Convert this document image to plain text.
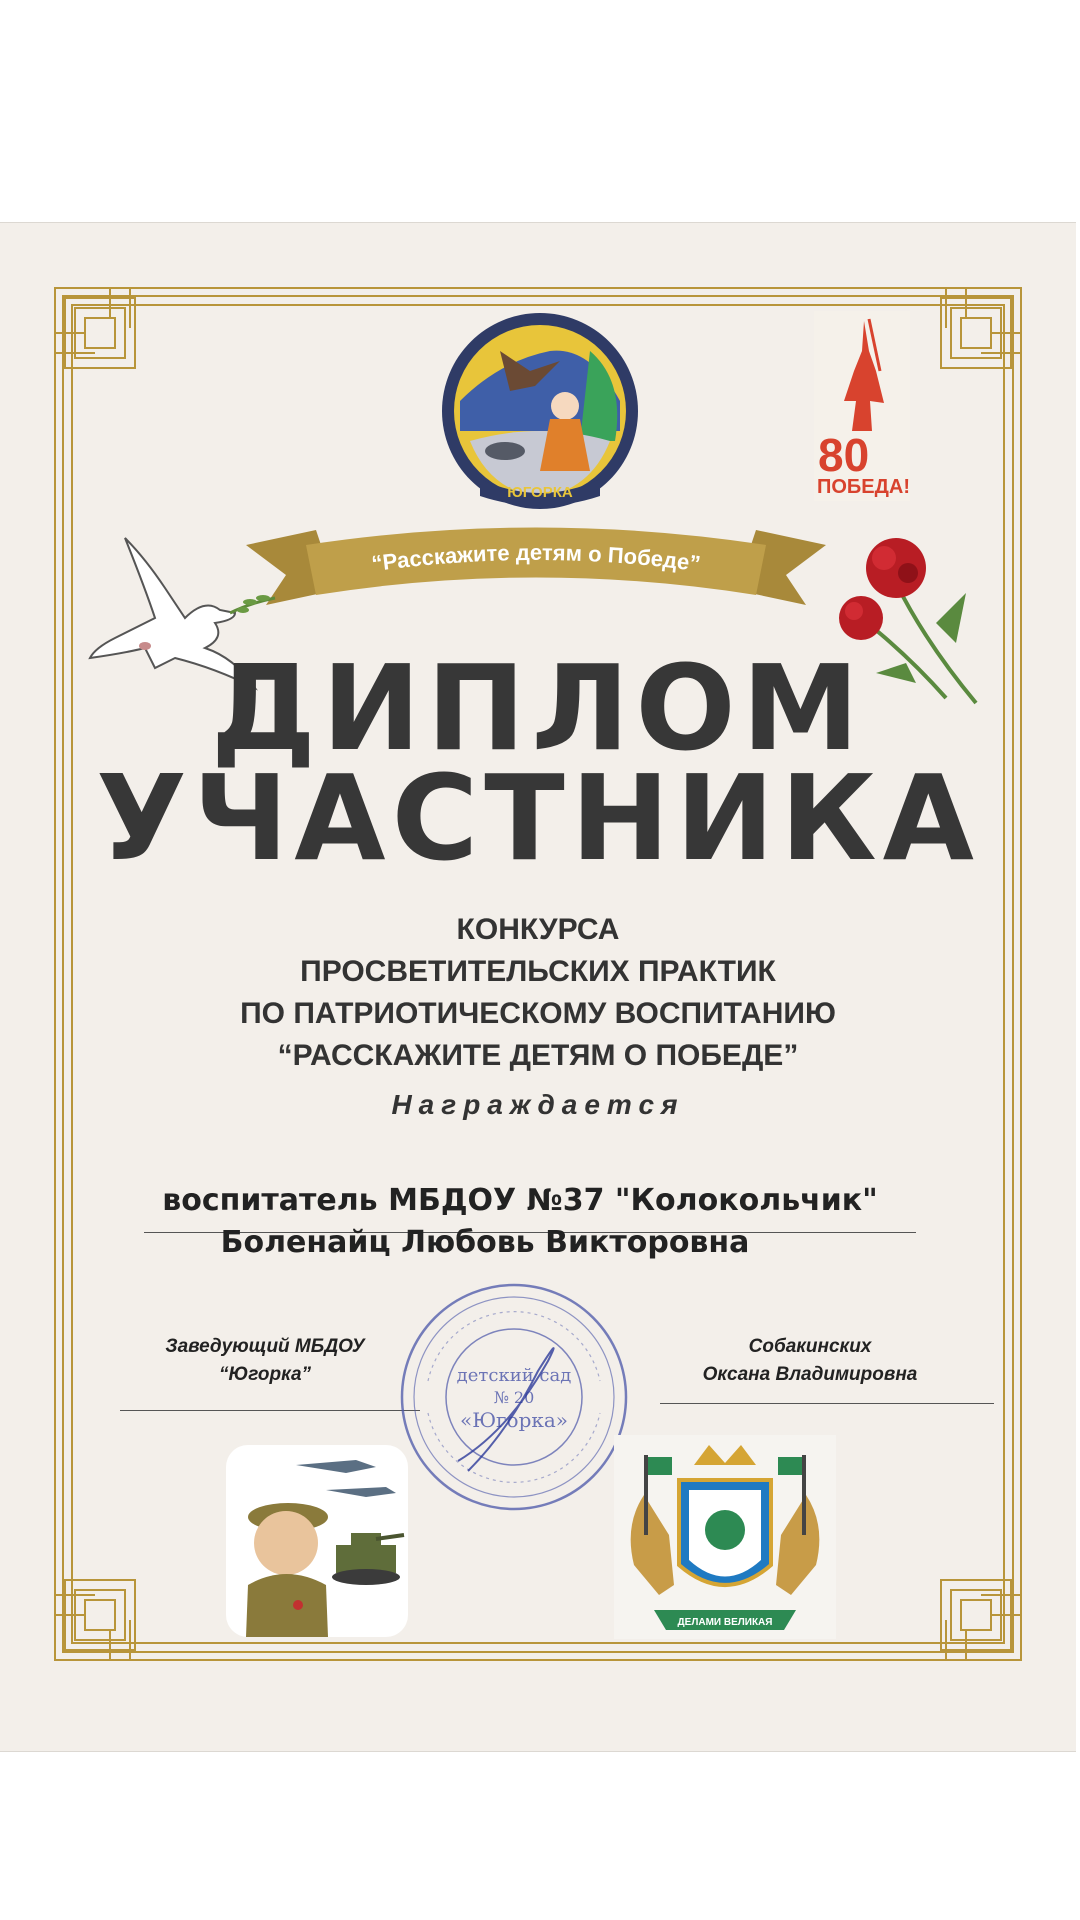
ЮГОРКА
80
ПОБЕДА!
“Расскажите детям о Победе”
ДИПЛОМ
УЧАСТНИКА
КОНКУРСА
ПРОСВЕТИТЕЛЬСКИХ ПРАКТИК
ПО ПАТРИОТИЧЕСКОМУ ВОСПИТАНИЮ
“РАССКАЖИТЕ ДЕТЯМ О ПОБЕДЕ”
Награждается
воспитатель МБДОУ №37 "Колокольчик"
Боленайц Любовь Викторовна
Заведующий МБДОУ
“Югорка”
Собакинских
Оксана Владимировна
детский сад
№ 20
«Югорка»
ДЕЛАМИ ВЕЛИКАЯ
